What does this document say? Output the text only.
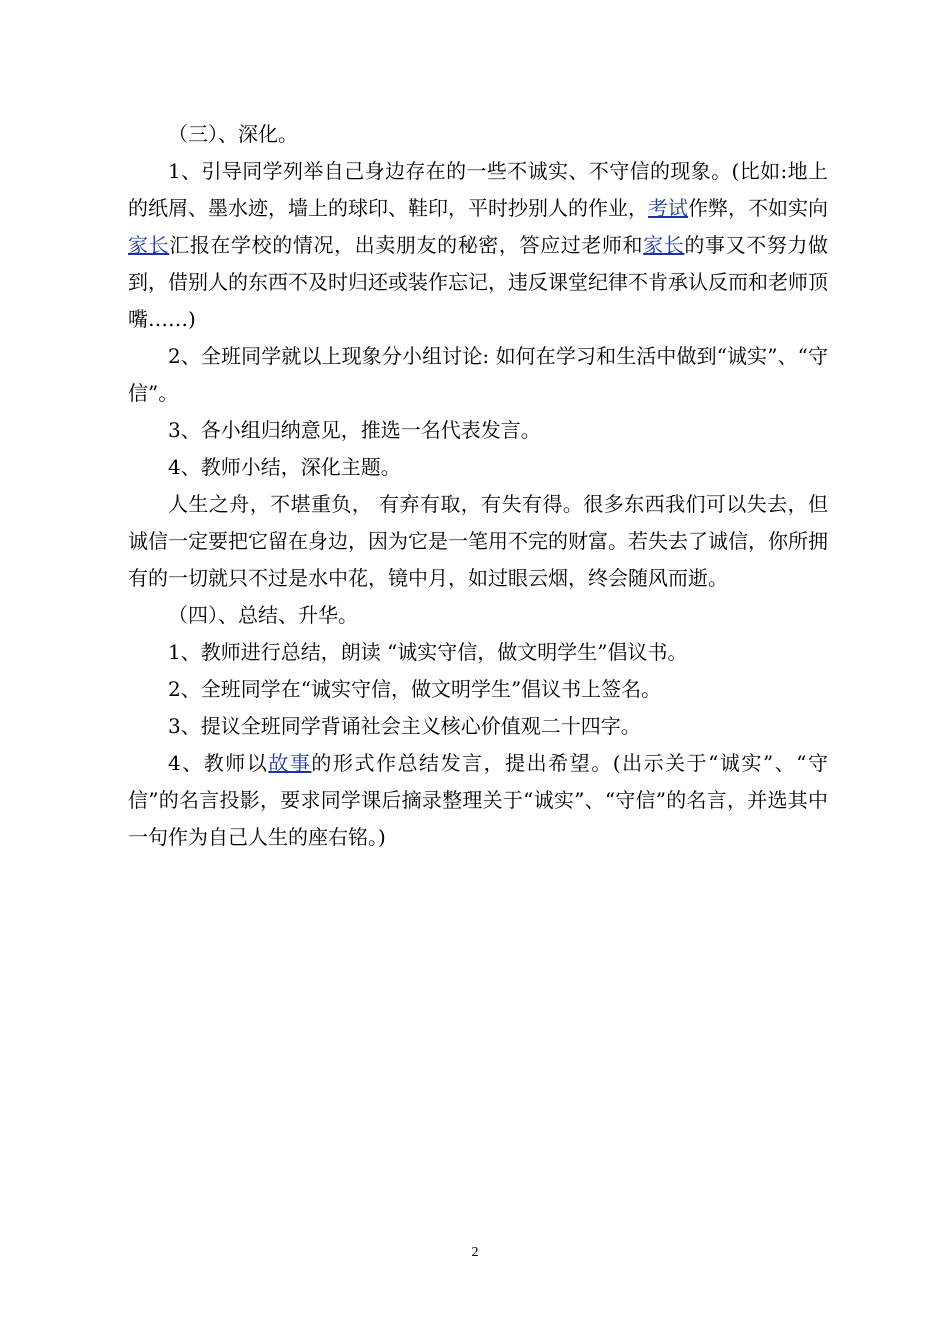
（三）、深化。

1、引导同学列举自己身边存在的一些不诚实、不守信的现象。(比如:地上的纸屑、墨水迹，墙上的球印、鞋印，平时抄别人的作业，考试作弊，不如实向家长汇报在学校的情况，出卖朋友的秘密，答应过老师和家长的事又不努力做到，借别人的东西不及时归还或装作忘记，违反课堂纪律不肯承认反而和老师顶嘴……)

2、全班同学就以上现象分小组讨论: 如何在学习和生活中做到“诚实”、“守信”。

3、各小组归纳意见，推选一名代表发言。

4、教师小结，深化主题。

人生之舟，不堪重负， 有弃有取，有失有得。很多东西我们可以失去，但诚信一定要把它留在身边，因为它是一笔用不完的财富。若失去了诚信，你所拥有的一切就只不过是水中花，镜中月，如过眼云烟，终会随风而逝。

（四）、总结、升华。

1、教师进行总结，朗读 “诚实守信，做文明学生”倡议书。

2、全班同学在“诚实守信，做文明学生”倡议书上签名。

3、提议全班同学背诵社会主义核心价值观二十四字。

4、教师以故事的形式作总结发言，提出希望。(出示关于“诚实”、“守信”的名言投影，要求同学课后摘录整理关于“诚实”、“守信”的名言，并选其中一句作为自己人生的座右铭。)

2
